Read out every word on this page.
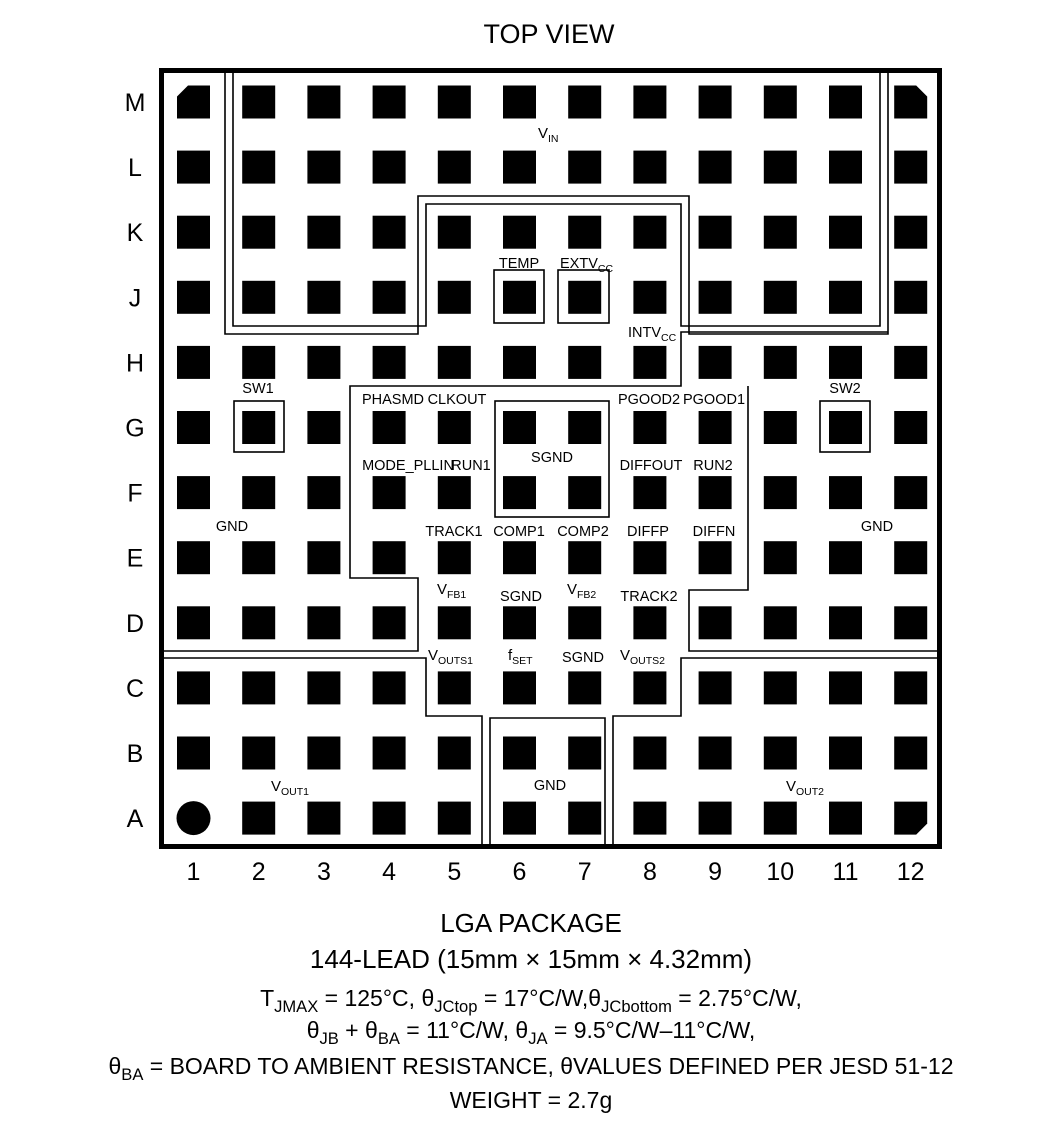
TOP VIEW
M
L
K
J
H
G
F
E
D
C
B
A
1 2 3 4 5 6 7 8 9 10 11 12
$V_{IN}$
SW1	SW2
GND	GND
GND
SGND
$V_{OUT1}$	$V_{OUT2}$
TEMP $EXTV_{CC}$
$INTV_{CC}$
PHASMD CLKOUT	PGOOD2 PGOOD1
MODE_PLLIN
RUN1	DIFFOUT RUN2
TRACK1 COMP1 COMP2 DIFFP DIFFN
$V_{FB1}$ SGND $V_{FB2}$ TRACK2
$V_{OUTS1}$ $f_{SET}$ SGND $V_{OUTS2}$
LGA PACKAGE
144-LEAD (15mm × 15mm × 4.32mm)
$T_{JMAX} = 125^\circ C$, $\theta_{JCtop} = 17^\circ C/W,\theta_{JCbottom} = 2.75^\circ C/W$,
$\theta_{JB} + \theta_{BA} = 11^\circ C/W$, $\theta_{JA} = 9.5^\circ C/W-11^\circ C/W$,
$\theta_{BA}$ = BOARD TO AMBIENT RESISTANCE, θVALUES DEFINED PER JESD 51-12
WEIGHT = 2.7g
